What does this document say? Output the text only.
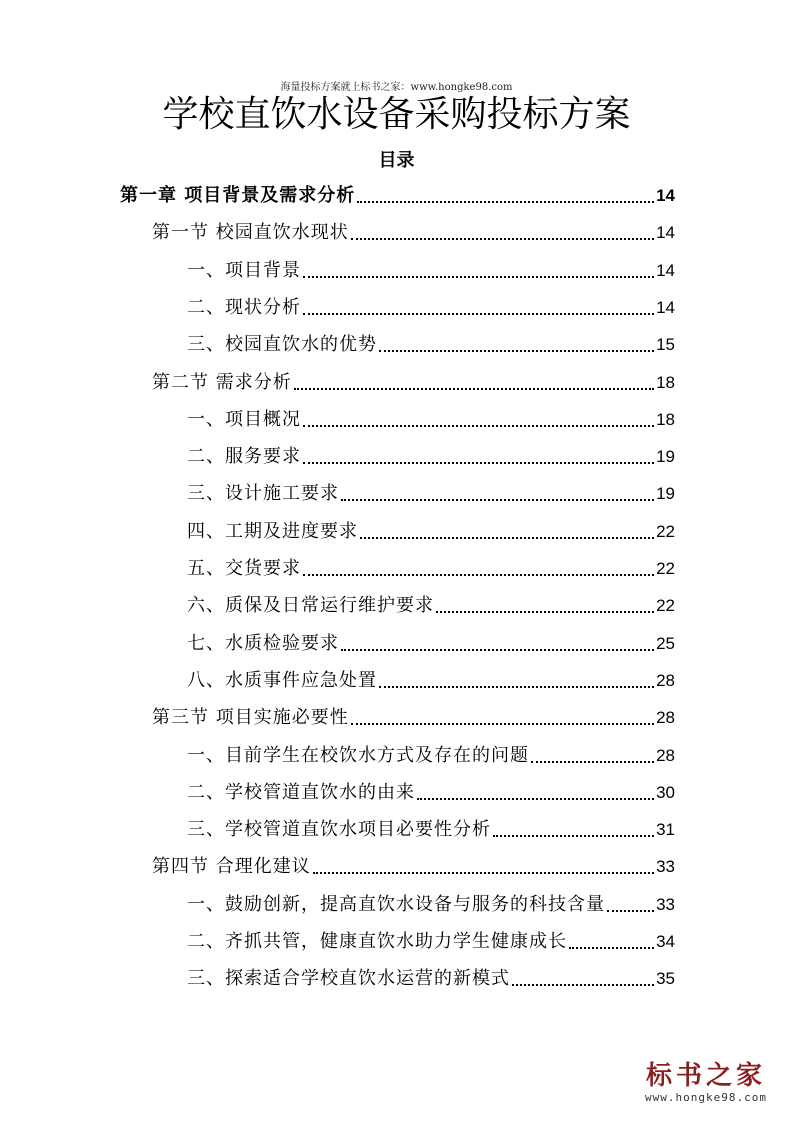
海量投标方案就上标书之家：www.hongke98.com
学校直饮水设备采购投标方案
目录
第一章 项目背景及需求分析	14
第一节 校园直饮水现状	14
一、项目背景	14
二、现状分析	14
三、校园直饮水的优势	15
第二节 需求分析	18
一、项目概况	18
二、服务要求	19
三、设计施工要求	19
四、工期及进度要求	22
五、交货要求	22
六、质保及日常运行维护要求	22
七、水质检验要求	25
八、水质事件应急处置	28
第三节 项目实施必要性	28
一、目前学生在校饮水方式及存在的问题	28
二、学校管道直饮水的由来	30
三、学校管道直饮水项目必要性分析	31
第四节 合理化建议	33
一、鼓励创新，提高直饮水设备与服务的科技含量	33
二、齐抓共管，健康直饮水助力学生健康成长	34
三、探索适合学校直饮水运营的新模式	35
标书之家
www.hongke98.com
